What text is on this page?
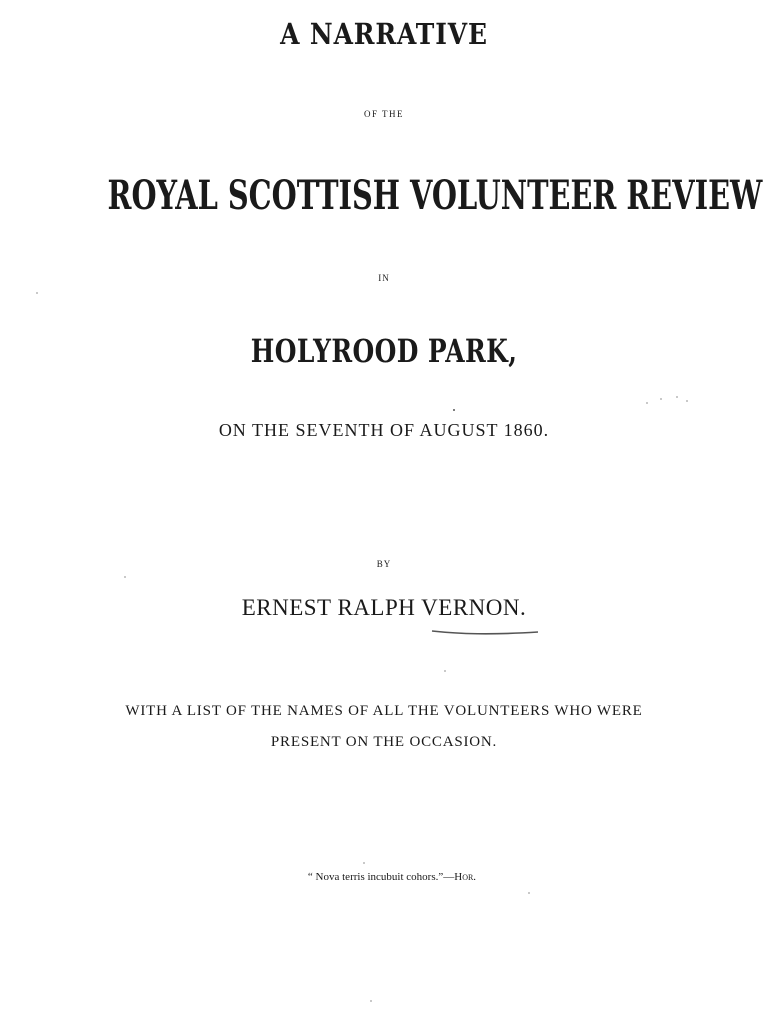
A NARRATIVE

OF THE

ROYAL SCOTTISH VOLUNTEER REVIEW

IN

HOLYROOD PARK,

ON THE SEVENTH OF AUGUST 1860.

BY

ERNEST RALPH VERNON.

WITH A LIST OF THE NAMES OF ALL THE VOLUNTEERS WHO WERE

PRESENT ON THE OCCASION.

“ Nova terris incubuit cohors.”—Hor.
